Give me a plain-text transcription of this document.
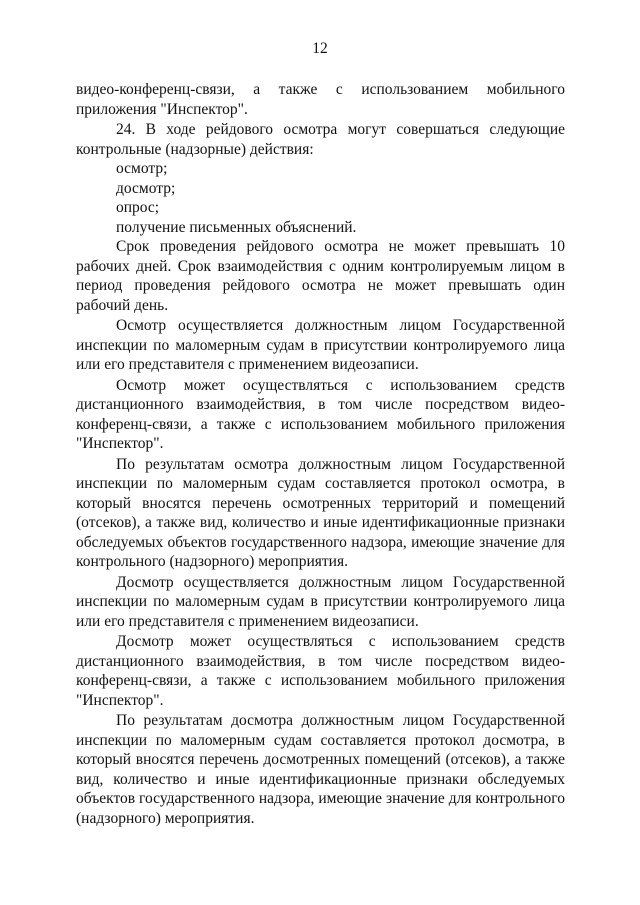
12

видео-конференц-связи, а также с использованием мобильного приложения "Инспектор".

24. В ходе рейдового осмотра могут совершаться следующие контрольные (надзорные) действия:

осмотр;

досмотр;

опрос;

получение письменных объяснений.

Срок проведения рейдового осмотра не может превышать 10 рабочих дней. Срок взаимодействия с одним контролируемым лицом в период проведения рейдового осмотра не может превышать один рабочий день.

Осмотр осуществляется должностным лицом Государственной инспекции по маломерным судам в присутствии контролируемого лица или его представителя с применением видеозаписи.

Осмотр может осуществляться с использованием средств дистанционного взаимодействия, в том числе посредством видео-конференц-связи, а также с использованием мобильного приложения "Инспектор".

По результатам осмотра должностным лицом Государственной инспекции по маломерным судам составляется протокол осмотра, в который вносятся перечень осмотренных территорий и помещений (отсеков), а также вид, количество и иные идентификационные признаки обследуемых объектов государственного надзора, имеющие значение для контрольного (надзорного) мероприятия.

Досмотр осуществляется должностным лицом Государственной инспекции по маломерным судам в присутствии контролируемого лица или его представителя с применением видеозаписи.

Досмотр может осуществляться с использованием средств дистанционного взаимодействия, в том числе посредством видео-конференц-связи, а также с использованием мобильного приложения "Инспектор".

По результатам досмотра должностным лицом Государственной инспекции по маломерным судам составляется протокол досмотра, в который вносятся перечень досмотренных помещений (отсеков), а также вид, количество и иные идентификационные признаки обследуемых объектов государственного надзора, имеющие значение для контрольного (надзорного) мероприятия.
